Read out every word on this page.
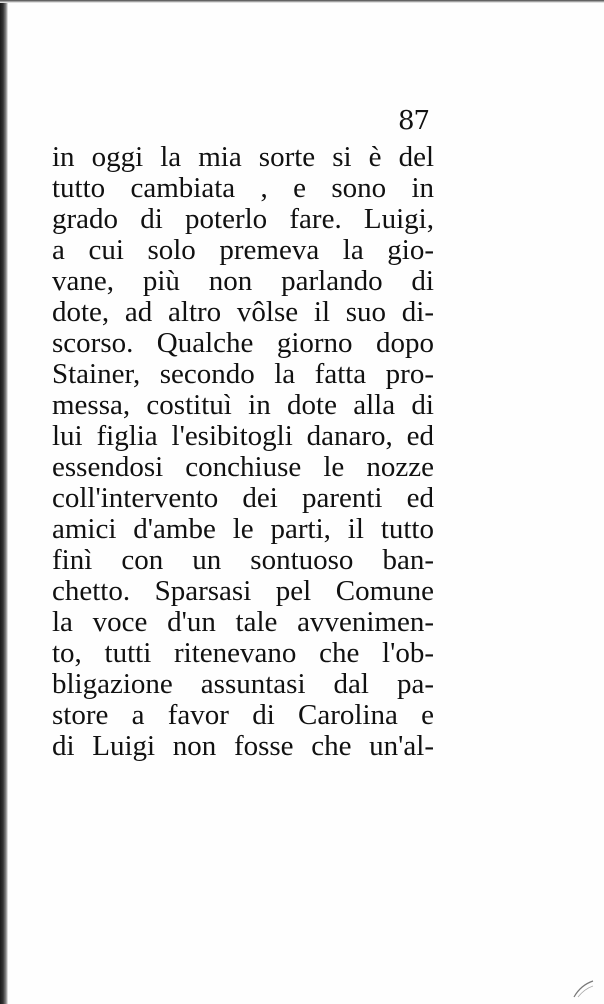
87
in oggi la mia sorte si è del
tutto cambiata , e sono in
grado di poterlo fare. Luigi,
a cui solo premeva la gio-
vane, più non parlando di
dote, ad altro vôlse il suo di-
scorso. Qualche giorno dopo
Stainer, secondo la fatta pro-
messa, costituì in dote alla di
lui figlia l'esibitogli danaro, ed
essendosi conchiuse le nozze
coll'intervento dei parenti ed
amici d'ambe le parti, il tutto
finì con un sontuoso ban-
chetto. Sparsasi pel Comune
la voce d'un tale avvenimen-
to, tutti ritenevano che l'ob-
bligazione assuntasi dal pa-
store a favor di Carolina e
di Luigi non fosse che un'al-
